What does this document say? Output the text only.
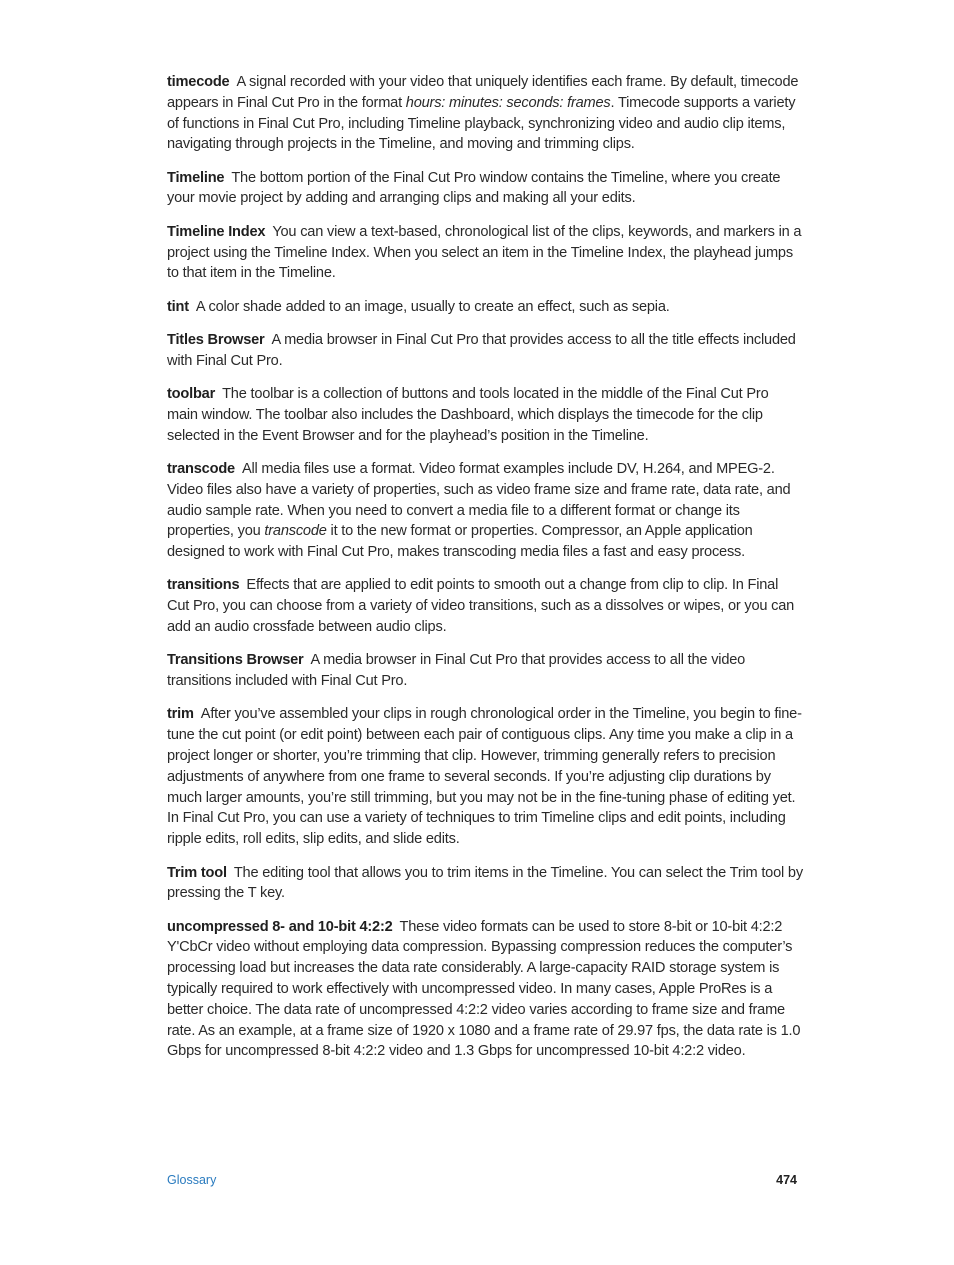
timecode A signal recorded with your video that uniquely identifies each frame. By default, timecode appears in Final Cut Pro in the format hours: minutes: seconds: frames. Timecode supports a variety of functions in Final Cut Pro, including Timeline playback, synchronizing video and audio clip items, navigating through projects in the Timeline, and moving and trimming clips.

Timeline The bottom portion of the Final Cut Pro window contains the Timeline, where you create your movie project by adding and arranging clips and making all your edits.

Timeline Index You can view a text-based, chronological list of the clips, keywords, and markers in a project using the Timeline Index. When you select an item in the Timeline Index, the playhead jumps to that item in the Timeline.

tint A color shade added to an image, usually to create an effect, such as sepia.

Titles Browser A media browser in Final Cut Pro that provides access to all the title effects included with Final Cut Pro.

toolbar The toolbar is a collection of buttons and tools located in the middle of the Final Cut Pro main window. The toolbar also includes the Dashboard, which displays the timecode for the clip selected in the Event Browser and for the playhead’s position in the Timeline.

transcode All media files use a format. Video format examples include DV, H.264, and MPEG-2. Video files also have a variety of properties, such as video frame size and frame rate, data rate, and audio sample rate. When you need to convert a media file to a different format or change its properties, you transcode it to the new format or properties. Compressor, an Apple application designed to work with Final Cut Pro, makes transcoding media files a fast and easy process.

transitions Effects that are applied to edit points to smooth out a change from clip to clip. In Final Cut Pro, you can choose from a variety of video transitions, such as a dissolves or wipes, or you can add an audio crossfade between audio clips.

Transitions Browser A media browser in Final Cut Pro that provides access to all the video transitions included with Final Cut Pro.

trim After you’ve assembled your clips in rough chronological order in the Timeline, you begin to fine-tune the cut point (or edit point) between each pair of contiguous clips. Any time you make a clip in a project longer or shorter, you’re trimming that clip. However, trimming generally refers to precision adjustments of anywhere from one frame to several seconds. If you’re adjusting clip durations by much larger amounts, you’re still trimming, but you may not be in the fine-tuning phase of editing yet. In Final Cut Pro, you can use a variety of techniques to trim Timeline clips and edit points, including ripple edits, roll edits, slip edits, and slide edits.

Trim tool The editing tool that allows you to trim items in the Timeline. You can select the Trim tool by pressing the T key.

uncompressed 8- and 10-bit 4:2:2 These video formats can be used to store 8-bit or 10-bit 4:2:2 Y'CbCr video without employing data compression. Bypassing compression reduces the computer’s processing load but increases the data rate considerably. A large-capacity RAID storage system is typically required to work effectively with uncompressed video. In many cases, Apple ProRes is a better choice. The data rate of uncompressed 4:2:2 video varies according to frame size and frame rate. As an example, at a frame size of 1920 x 1080 and a frame rate of 29.97 fps, the data rate is 1.0 Gbps for uncompressed 8-bit 4:2:2 video and 1.3 Gbps for uncompressed 10-bit 4:2:2 video.

Glossary	474
